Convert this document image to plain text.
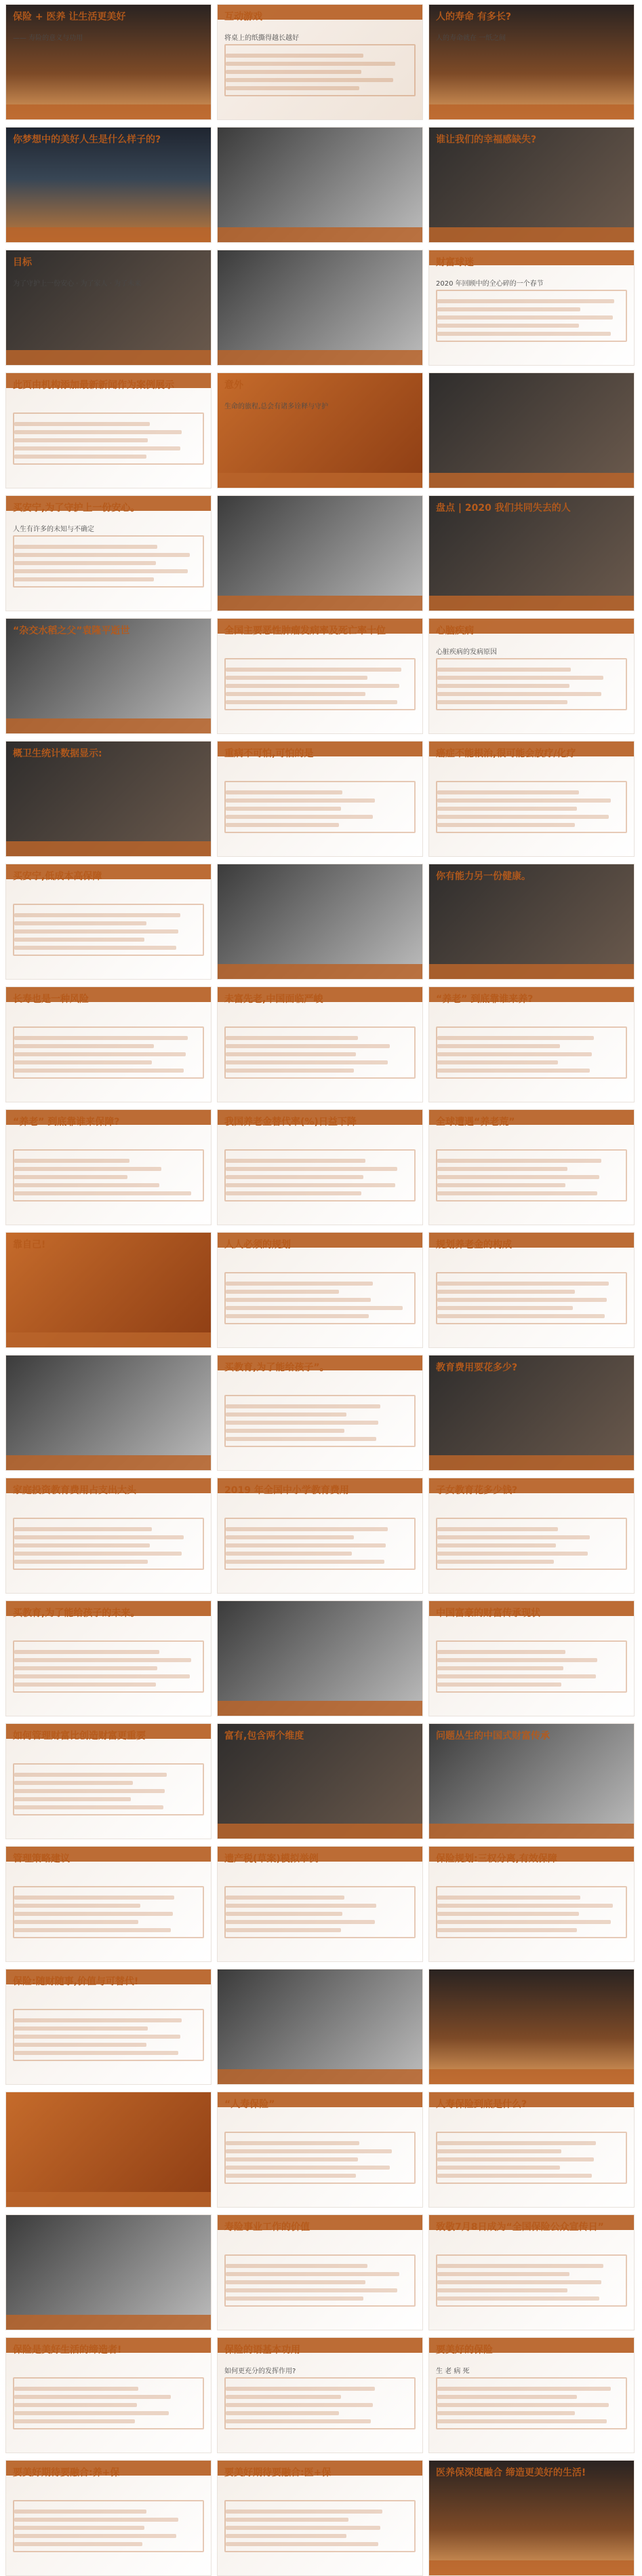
保险 + 医养 让生活更美好
—— 寿险的意义与功用
互动游戏
将桌上的纸撕得越长越好
人的寿命 有多长?
人的寿命就在 一纸之间
你梦想中的美好人生是什么样子的?	谁让我们的幸福感缺失?
目标
为了守护上一份安心 · 为了家人 · 为了未来
财富球迷
2020 年回顾中的全心碎的一个春节
此页由机构添加最新新闻作为案例展示	意外
生命的旅程,总会有诸多诠释与守护
买安宁,为了守护上一份安心。
人生有许多的未知与不确定
盘点 | 2020 我们共同失去的人
“杂交水稻之父”袁隆平逝世	全国主要恶性肿瘤发病率及死亡率十位	心脑疾病
心脏疾病的发病原因
概卫生统计数据显示:	重病不可怕,可怕的是	癌症不能根治,很可能会放疗/化疗
买安宁,低成本高保障	你有能力另一份健康。
长寿也是一种风险	未富先老,中国面临严峻	“养老” 到底靠谁来养?
“养老” 到底靠谁来保障?	我国养老金替代率(%)日益下降	全球遭遇“养老荒”
靠自己!	人人必须的规划	规划养老金的构成
买教育,为了能给孩子”。	教育费用要花多少?
家庭投资教育费用占支出大头	2019 年全国中小学教育费用	子女教育花多少钱?
买教育,为了能给孩子的未来。	中国富豪的财富传承现状
如何管理财富比创造财富更重要	富有,包含两个维度	问题丛生的中国式财富传承
管理策略建议	遗产税(草案)模拟举例	保险规划:三权分离,有效保障
保险:随财随事,价值与可替代!
“人寿保险”	人寿保险到底是什么?
寿险事业工作的价值	致敬7月8日成为“全国保险公众宣传日”
保险是美好生活的缔造者!	保险的语基本功用
如何更充分的发挥作用?
要美好的保险
生 老 病 死
要美好期待要融合:养+保	要美好期待要融合:医+保	医养保深度融合 缔造更美好的生活!
